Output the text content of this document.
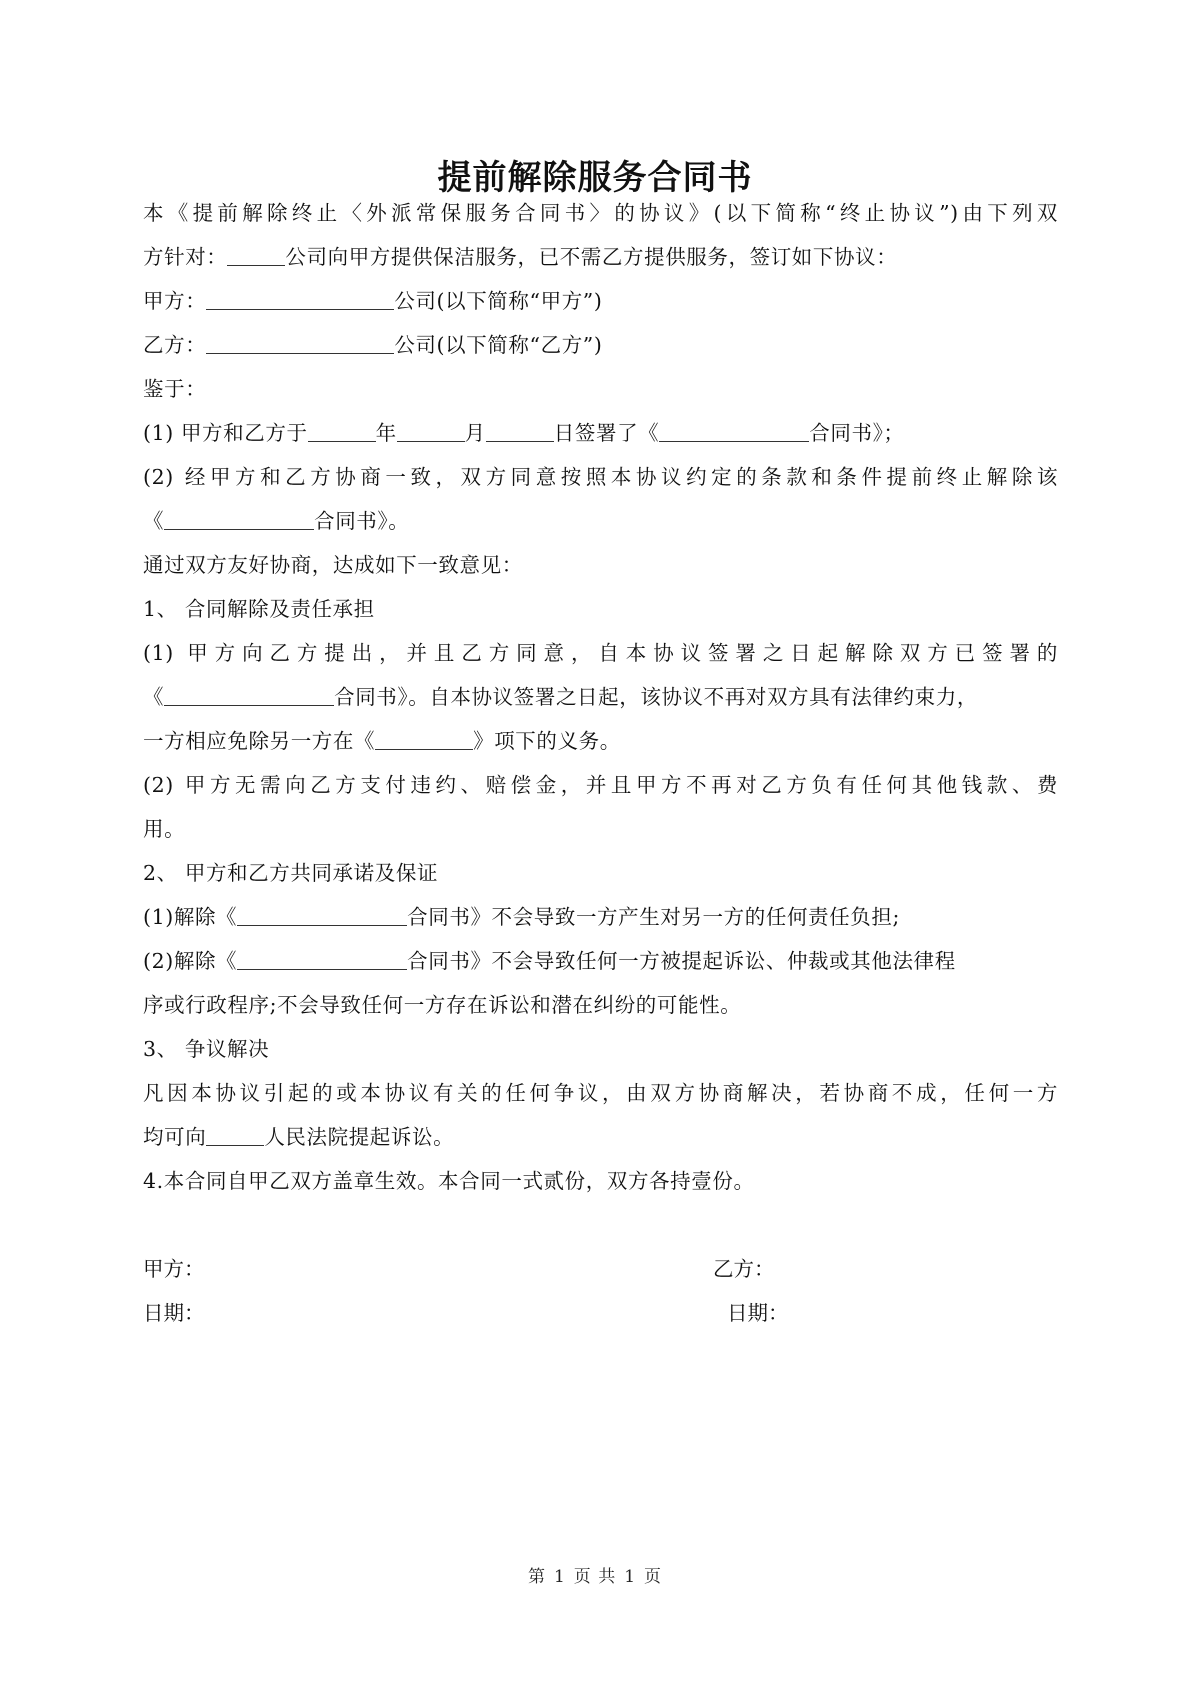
提前解除服务合同书
本《提前解除终止〈外派常保服务合同书〉的协议》(以下简称“终止协议”)由下列双
方针对：	公司向甲方提供保洁服务，已不需乙方提供服务，签订如下协议：
甲方：	公司(以下简称“甲方”)
乙方：	公司(以下简称“乙方”)
鉴于：
(1) 甲方和乙方于	年	月	日签署了《	合同书》；
(2) 经甲方和乙方协商一致，双方同意按照本协议约定的条款和条件提前终止解除该
《	合同书》。
通过双方友好协商，达成如下一致意见：
1、 合同解除及责任承担
(1) 甲方向乙方提出，并且乙方同意，自本协议签署之日起解除双方已签署的
《	合同书》。自本协议签署之日起，该协议不再对双方具有法律约束力，
一方相应免除另一方在《	》项下的义务。
(2) 甲方无需向乙方支付违约、赔偿金，并且甲方不再对乙方负有任何其他钱款、费
用。
2、 甲方和乙方共同承诺及保证
(1)解除《	合同书》不会导致一方产生对另一方的任何责任负担;
(2)解除《	合同书》不会导致任何一方被提起诉讼、仲裁或其他法律程
序或行政程序;不会导致任何一方存在诉讼和潜在纠纷的可能性。
3、 争议解决
凡因本协议引起的或本协议有关的任何争议，由双方协商解决，若协商不成，任何一方
均可向	人民法院提起诉讼。
4.本合同自甲乙双方盖章生效。本合同一式贰份，双方各持壹份。
甲方：	乙方：
日期：	日期：
第 1 页 共 1 页
